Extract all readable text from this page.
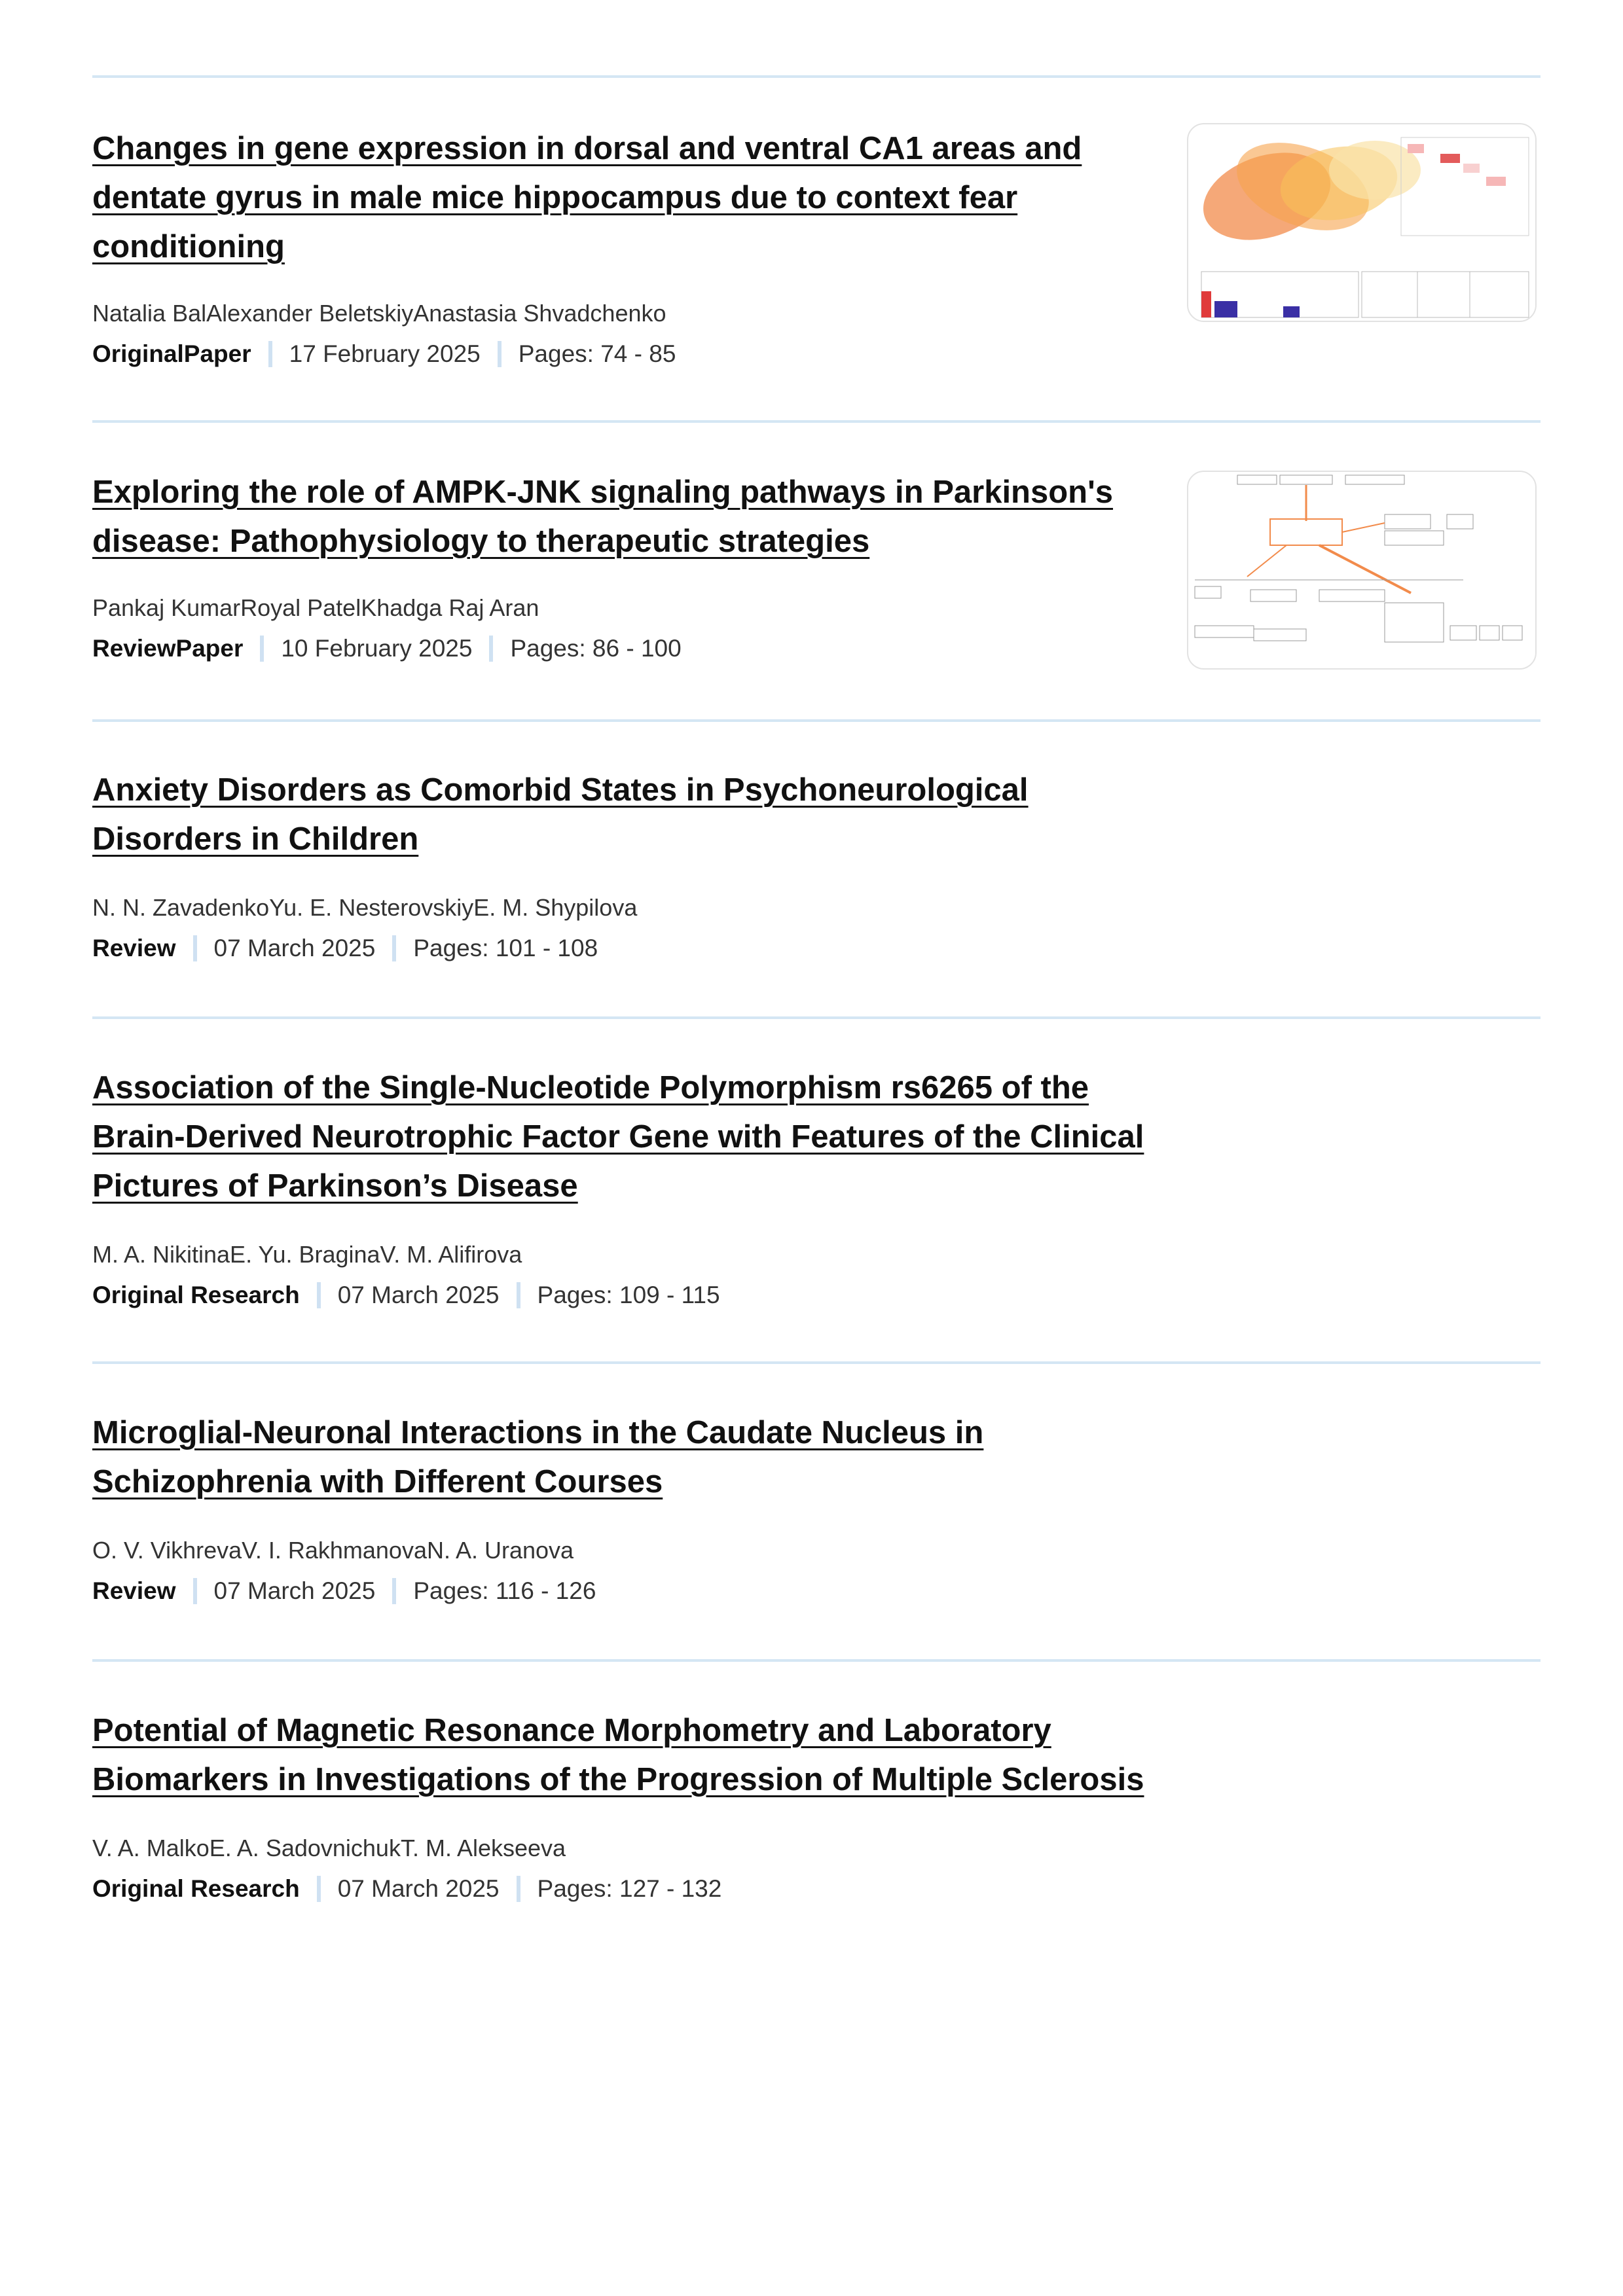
Changes in gene expression in dorsal and ventral CA1 areas and dentate gyrus in male mice hippocampus due to context fear conditioning
Natalia BalAlexander BeletskiyAnastasia Shvadchenko
OriginalPaper 17 February 2025 Pages: 74 - 85
Exploring the role of AMPK-JNK signaling pathways in Parkinson's disease: Pathophysiology to therapeutic strategies
Pankaj KumarRoyal PatelKhadga Raj Aran
ReviewPaper 10 February 2025 Pages: 86 - 100
Anxiety Disorders as Comorbid States in Psychoneurological Disorders in Children
N. N. ZavadenkoYu. E. NesterovskiyE. M. Shypilova
Review 07 March 2025 Pages: 101 - 108
Association of the Single-Nucleotide Polymorphism rs6265 of the Brain-Derived Neurotrophic Factor Gene with Features of the Clinical Pictures of Parkinson’s Disease
M. A. NikitinaE. Yu. BraginaV. M. Alifirova
Original Research 07 March 2025 Pages: 109 - 115
Microglial-Neuronal Interactions in the Caudate Nucleus in Schizophrenia with Different Courses
O. V. VikhrevaV. I. RakhmanovaN. A. Uranova
Review 07 March 2025 Pages: 116 - 126
Potential of Magnetic Resonance Morphometry and Laboratory Biomarkers in Investigations of the Progression of Multiple Sclerosis
V. A. MalkoE. A. SadovnichukT. M. Alekseeva
Original Research 07 March 2025 Pages: 127 - 132
